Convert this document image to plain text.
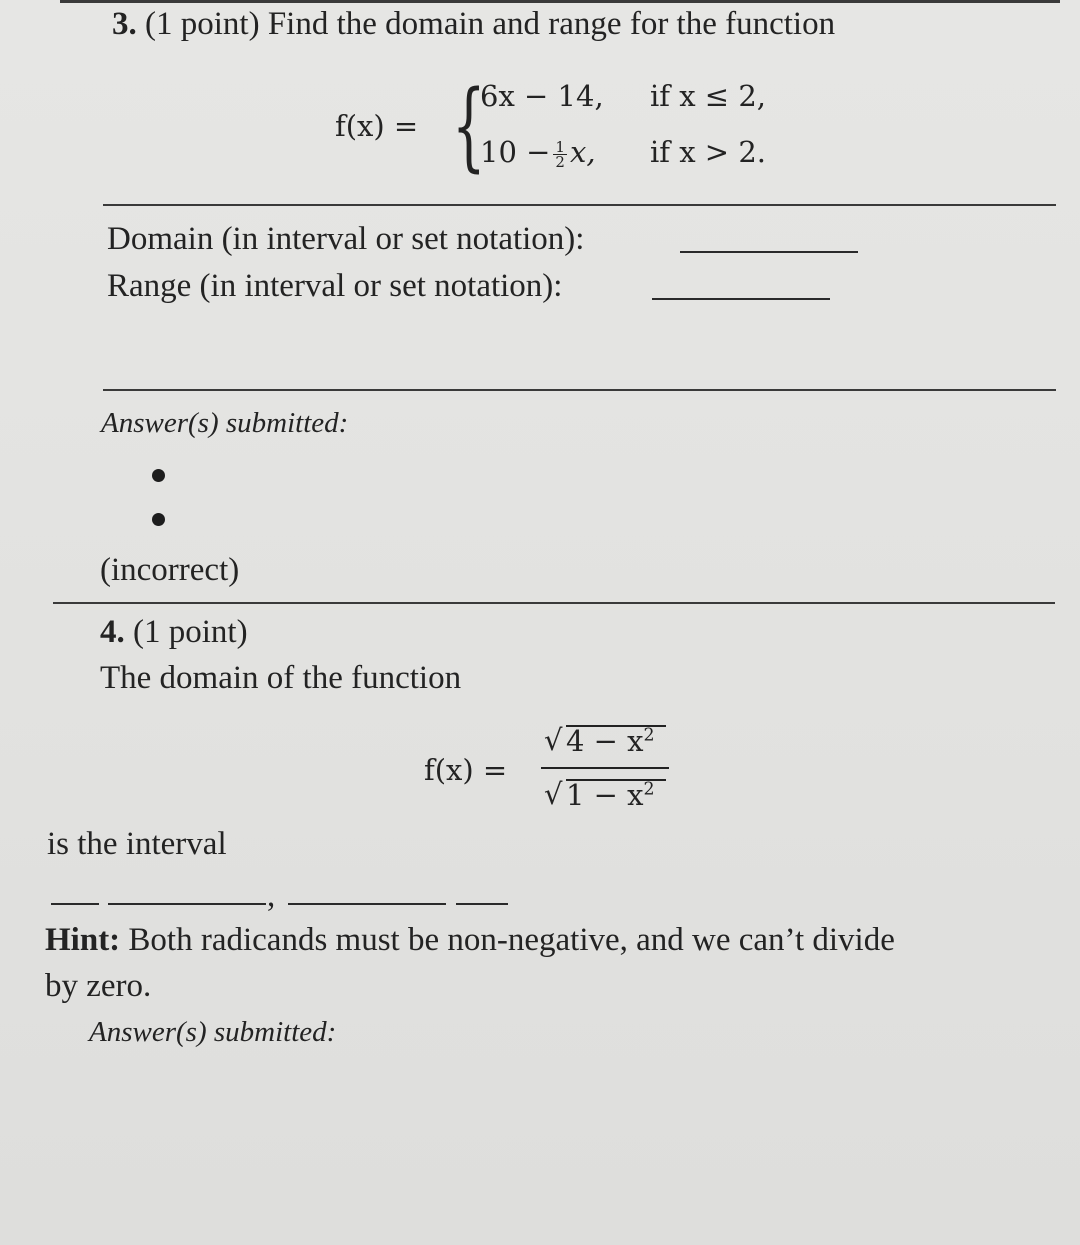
3. (1 point) Find the domain and range for the function
f(x) = {
6x − 14, if x ≤ 2,
$10 - \frac{1}{2} x$, if x > 2.
Domain (in interval or set notation):
Range (in interval or set notation):
Answer(s) submitted:
(incorrect)
4. (1 point)
The domain of the function
f(x) =
√ $4 - x^2$
√ $1 - x^2$
is the interval
,
Hint: Both radicands must be non-negative, and we can’t divide
by zero.
Answer(s) submitted:
